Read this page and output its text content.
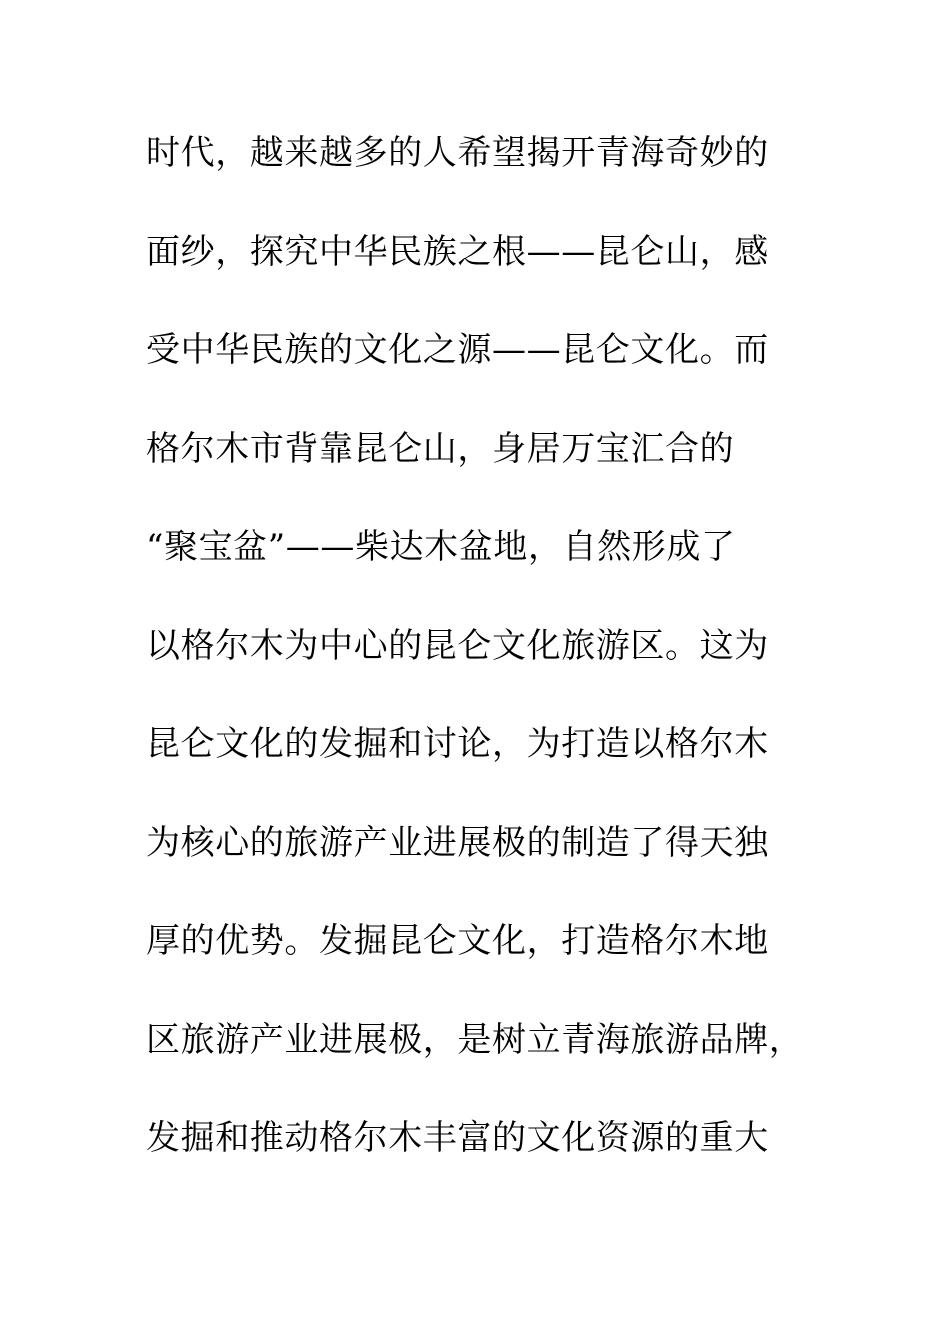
时代，越来越多的人希望揭开青海奇妙的
面纱，探究中华民族之根——昆仑山，感
受中华民族的文化之源——昆仑文化。而
格尔木市背靠昆仑山，身居万宝汇合的
“聚宝盆”——柴达木盆地，自然形成了
以格尔木为中心的昆仑文化旅游区。这为
昆仑文化的发掘和讨论，为打造以格尔木
为核心的旅游产业进展极的制造了得天独
厚的优势。发掘昆仑文化，打造格尔木地
区旅游产业进展极，是树立青海旅游品牌，
发掘和推动格尔木丰富的文化资源的重大
